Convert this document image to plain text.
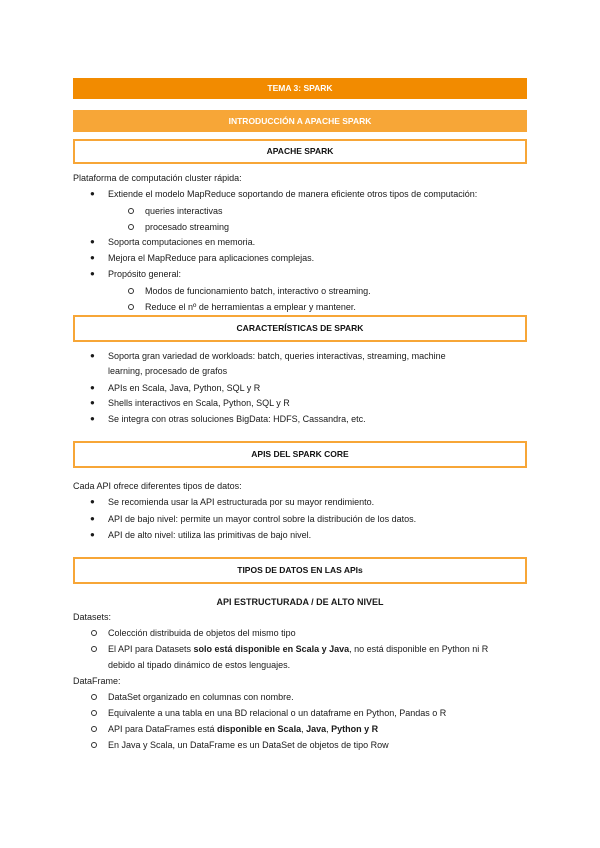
TEMA 3: SPARK
INTRODUCCIÓN A APACHE SPARK
APACHE SPARK
Plataforma de computación cluster rápida:
● Extiende el modelo MapReduce soportando de manera eficiente otros tipos de computación:
queries interactivas
procesado streaming
● Soporta computaciones en memoria.
● Mejora el MapReduce para aplicaciones complejas.
● Propósito general:
Modos de funcionamiento batch, interactivo o streaming.
Reduce el nº de herramientas a emplear y mantener.
CARACTERÍSTICAS DE SPARK
● Soporta gran variedad de workloads: batch, queries interactivas, streaming, machine
learning, procesado de grafos
● APIs en Scala, Java, Python, SQL y R
● Shells interactivos en Scala, Python, SQL y R
● Se integra con otras soluciones BigData: HDFS, Cassandra, etc.
APIS DEL SPARK CORE
Cada API ofrece diferentes tipos de datos:
● Se recomienda usar la API estructurada por su mayor rendimiento.
● API de bajo nivel: permite un mayor control sobre la distribución de los datos.
● API de alto nivel: utiliza las primitivas de bajo nivel.
TIPOS DE DATOS EN LAS APIs
API ESTRUCTURADA / DE ALTO NIVEL
Datasets:
Colección distribuida de objetos del mismo tipo
El API para Datasets solo está disponible en Scala y Java, no está disponible en Python ni R
debido al tipado dinámico de estos lenguajes.
DataFrame:
DataSet organizado en columnas con nombre.
Equivalente a una tabla en una BD relacional o un dataframe en Python, Pandas o R
API para DataFrames está disponible en Scala, Java, Python y R
En Java y Scala, un DataFrame es un DataSet de objetos de tipo Row
